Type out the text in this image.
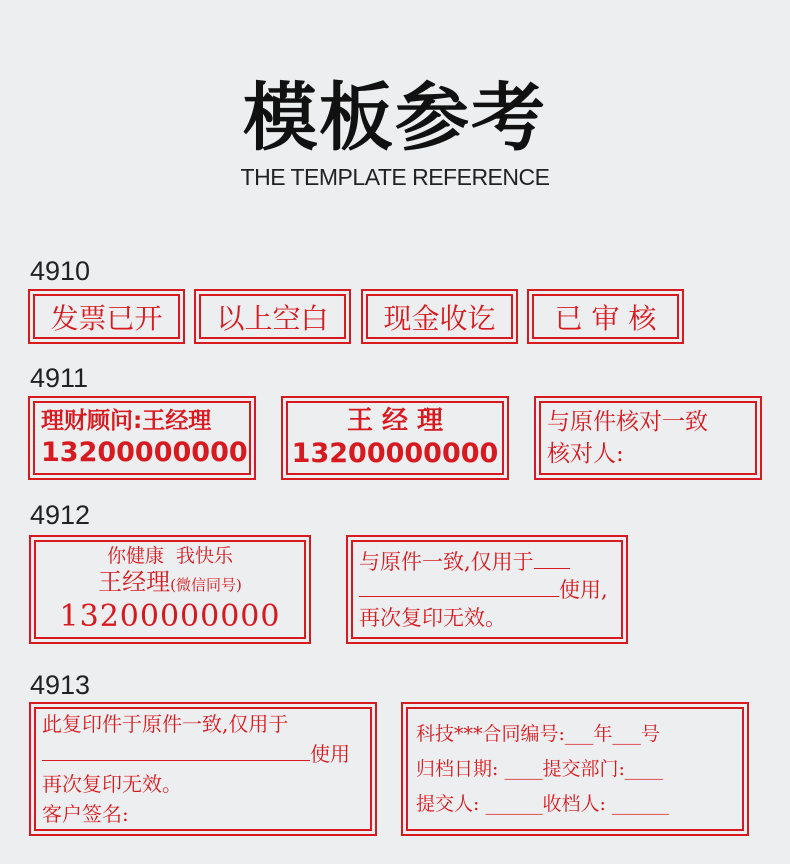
模板参考
THE TEMPLATE REFERENCE
4910
发票已开 以上空白 现金收讫 已 审 核
4911
理财顾问:王经理
13200000000
王 经 理
13200000000
与原件核对一致
核对人:
4912
你健康  我快乐
王经理(微信同号)
13200000000
与原件一致,仅用于
使用,
再次复印无效。
4913
此复印件于原件一致,仅用于
使用
再次复印无效。
客户签名:
科技***合同编号:___年___号
归档日期: ____提交部门:____
提交人: ______收档人: ______
